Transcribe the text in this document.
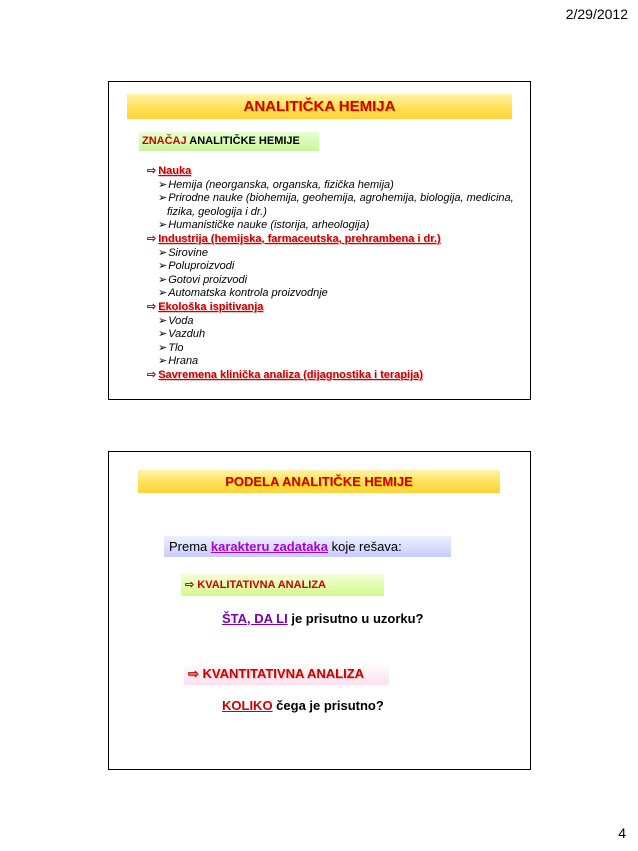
2/29/2012
ANALITIČKA HEMIJA
ZNAČAJ ANALITIČKE HEMIJE
⇨ Nauka
➢Hemija (neorganska, organska, fizička hemija)
➢Prirodne nauke (biohemija, geohemija, agrohemija, biologija, medicina, fizika, geologija i dr.)
➢Humanističke nauke (istorija, arheologija)
⇨ Industrija (hemijska, farmaceutska, prehrambena i dr.)
➢Sirovine
➢Poluproizvodi
➢Gotovi proizvodi
➢Automatska kontrola proizvodnje
⇨ Ekološka ispitivanja
➢Voda
➢Vazduh
➢Tlo
➢Hrana
⇨ Savremena klinička analiza (dijagnostika i terapija)
PODELA ANALITIČKE HEMIJE
Prema karakteru zadataka koje rešava:
⇨ KVALITATIVNA ANALIZA
ŠTA, DA LI je prisutno u uzorku?
⇨ KVANTITATIVNA ANALIZA
KOLIKO čega je prisutno?
4
